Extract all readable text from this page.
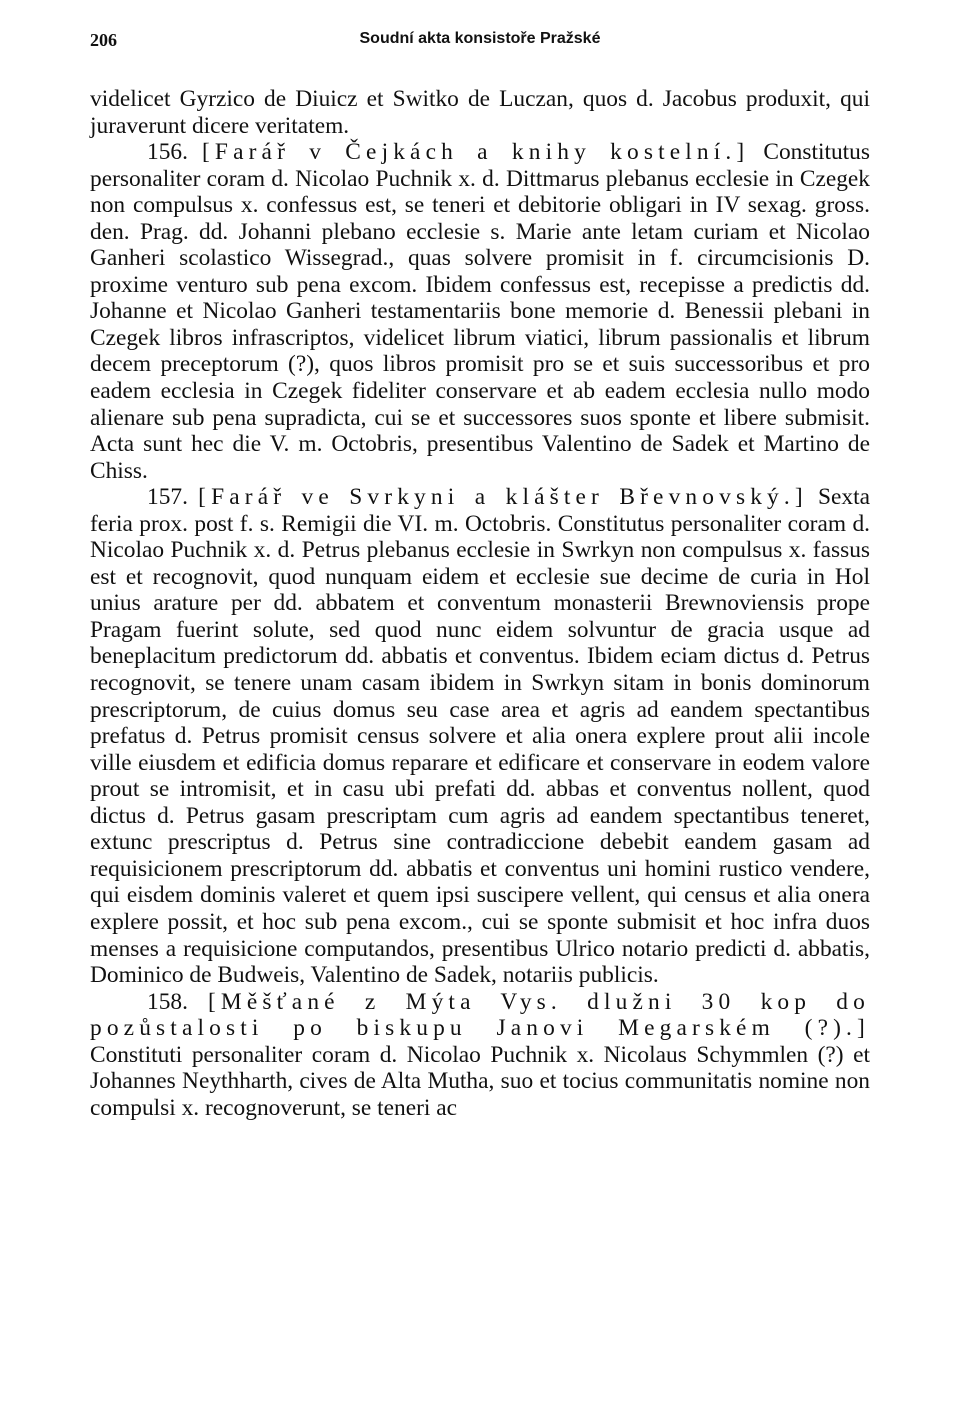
206	Soudní akta konsistoře Pražské

videlicet Gyrzico de Diuicz et Switko de Luczan, quos d. Jacobus produxit, qui juraverunt dicere veritatem.

156. [Farář v Čejkách a knihy kostelní.] Constitutus personaliter coram d. Nicolao Puchnik x. d. Dittmarus plebanus ecclesie in Czegek non compulsus x. confessus est, se teneri et debitorie obligari in IV sexag. gross. den. Prag. dd. Johanni plebano ecclesie s. Marie ante letam curiam et Nicolao Ganheri scolastico Wissegrad., quas solvere promisit in f. circumcisionis D. proxime venturo sub pena excom. Ibidem confessus est, recepisse a predictis dd. Johanne et Nicolao Ganheri testamentariis bone memorie d. Benessii plebani in Czegek libros infrascriptos, videlicet librum viatici, librum passionalis et librum decem preceptorum (?), quos libros promisit pro se et suis successoribus et pro eadem ecclesia in Czegek fideliter conservare et ab eadem ecclesia nullo modo alienare sub pena supradicta, cui se et successores suos sponte et libere submisit. Acta sunt hec die V. m. Octobris, presentibus Valentino de Sadek et Martino de Chiss.

157. [Farář ve Svrkyni a klášter Břevnovský.] Sexta feria prox. post f. s. Remigii die VI. m. Octobris. Constitutus personaliter coram d. Nicolao Puchnik x. d. Petrus plebanus ecclesie in Swrkyn non compulsus x. fassus est et recognovit, quod nunquam eidem et ecclesie sue decime de curia in Hol unius arature per dd. abbatem et conventum monasterii Brewnoviensis prope Pragam fuerint solute, sed quod nunc eidem solvuntur de gracia usque ad beneplacitum predictorum dd. abbatis et conventus. Ibidem eciam dictus d. Petrus recognovit, se tenere unam casam ibidem in Swrkyn sitam in bonis dominorum prescriptorum, de cuius domus seu case area et agris ad eandem spectantibus prefatus d. Petrus promisit census solvere et alia onera explere prout alii incole ville eiusdem et edificia domus reparare et edificare et conservare in eodem valore prout se intromisit, et in casu ubi prefati dd. abbas et conventus nollent, quod dictus d. Petrus gasam prescriptam cum agris ad eandem spectantibus teneret, extunc prescriptus d. Petrus sine contradiccione debebit eandem gasam ad requisicionem prescriptorum dd. abbatis et conventus uni homini rustico vendere, qui eisdem dominis valeret et quem ipsi suscipere vellent, qui census et alia onera explere possit, et hoc sub pena excom., cui se sponte submisit et hoc infra duos menses a requisicione computandos, presentibus Ulrico notario predicti d. abbatis, Dominico de Budweis, Valentino de Sadek, notariis publicis.

158. [Měšťané z Mýta Vys. dlužni 30 kop do pozůstalosti po biskupu Janovi Megarském (?).] Constituti personaliter coram d. Nicolao Puchnik x. Nicolaus Schymmlen (?) et Johannes Neythharth, cives de Alta Mutha, suo et tocius communitatis nomine non compulsi x. recognoverunt, se teneri ac
